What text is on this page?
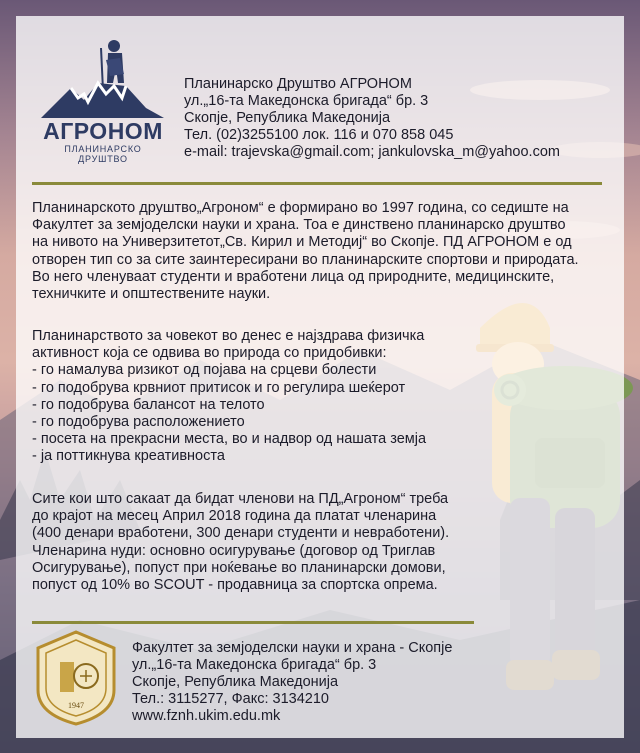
АГРОНОМ
ПЛАНИНАРСКО ДРУШТВО
Планинарско Друштво АГРОНОМ
ул.„16-та Македонска бригада“ бр. 3
Скопје, Република Македонија
Тел. (02)3255100 лок. 116 и 070 858 045
e-mail: trajevska@gmail.com; jankulovska_m@yahoo.com
Планинарското друштво„Агроном“ е формирано во 1997 година, со седиште на
Факултет за земјоделски науки и храна. Тоа е динствено планинарско друштво
на нивото на Универзитетот„Св. Кирил и Методиј“ во Скопје. ПД АГРОНОМ е од
отворен тип со за сите заинтересирани во планинарските спортови и природата.
Во него членуваат студенти и вработени лица од природните, медицинските,
техничките и општествените науки.
Планинарството за човекот во денес е најздрава физичка
активност која се одвива во природа со придобивки:
- го намалува ризикот од појава на срцеви болести
- го подобрува крвниот притисок и го регулира шеќерот
- го подобрува балансот на телото
- го подобрува расположението
- посета на прекрасни места, во и надвор од нашата земја
- ја поттикнува креативноста
Сите кои што сакаат да бидат членови на ПД„Агроном“ треба
до крајот на месец Април 2018 година да платат членарина
(400 денари вработени, 300 денари студенти и невработени).
Членарина нуди: основно осигурување (договор од Триглав
Осигурување), попуст при ноќевање во планинарски домови,
попуст од 10% во SCOUT - продавница за спортска опрема.
1947
Факултет за земјоделски науки и храна - Скопје
ул.„16-та Македонска бригада“ бр. 3
Скопје, Република Македонија
Тел.: 3115277, Факс: 3134210
www.fznh.ukim.edu.mk
